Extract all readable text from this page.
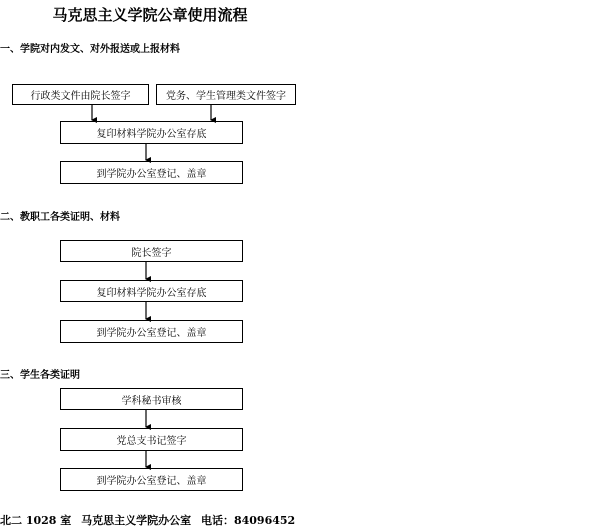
马克思主义学院公章使用流程
一、学院对内发文、对外报送或上报材料
行政类文件由院长签字	党务、学生管理类文件签字
复印材料学院办公室存底
到学院办公室登记、盖章
二、教职工各类证明、材料
院长签字
复印材料学院办公室存底
到学院办公室登记、盖章
三、学生各类证明
学科秘书审核
党总支书记签字
到学院办公室登记、盖章
北二 1028 室 马克思主义学院办公室 电话：84096452
